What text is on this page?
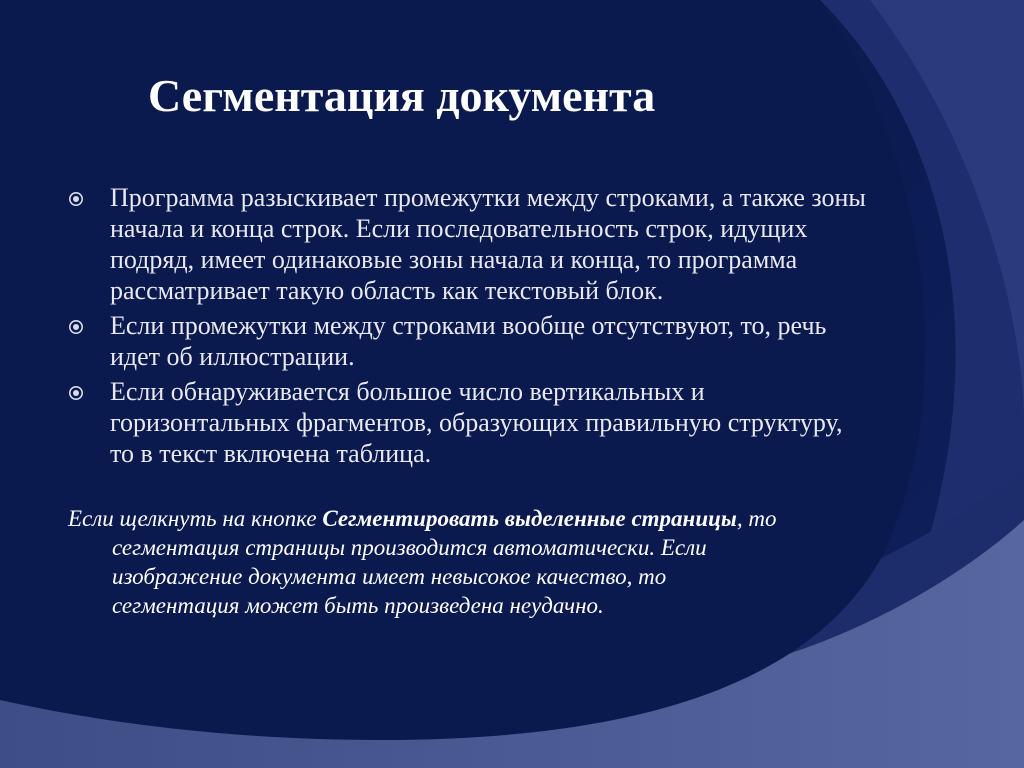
Сегментация документа
Программа разыскивает промежутки между строками, а также зоны начала и конца строк. Если последовательность строк, идущих подряд, имеет одинаковые зоны начала и конца, то программа рассматривает такую область как текстовый блок.
Если промежутки между строками вообще отсутствуют, то, речь идет об иллюстрации.
Если обнаруживается большое число вертикальных и горизонтальных фрагментов, образующих правильную структуру, то в текст включена таблица.
Если щелкнуть на кнопке Сегментировать выделенные страницы, то сегментация страницы производится автоматически. Если изображение документа имеет невысокое качество, то сегментация может быть произведена неудачно.
